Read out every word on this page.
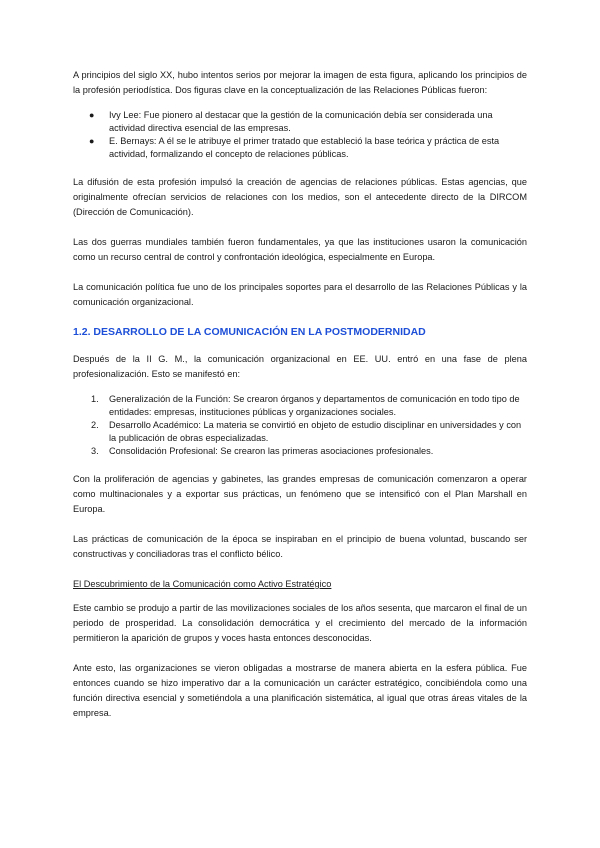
A principios del siglo XX, hubo intentos serios por mejorar la imagen de esta figura, aplicando los principios de la profesión periodística. Dos figuras clave en la conceptualización de las Relaciones Públicas fueron:

●	Ivy Lee: Fue pionero al destacar que la gestión de la comunicación debía ser considerada una actividad directiva esencial de las empresas.
●	E. Bernays: A él se le atribuye el primer tratado que estableció la base teórica y práctica de esta actividad, formalizando el concepto de relaciones públicas.

La difusión de esta profesión impulsó la creación de agencias de relaciones públicas. Estas agencias, que originalmente ofrecían servicios de relaciones con los medios, son el antecedente directo de la DIRCOM (Dirección de Comunicación).

Las dos guerras mundiales también fueron fundamentales, ya que las instituciones usaron la comunicación como un recurso central de control y confrontación ideológica, especialmente en Europa.

La comunicación política fue uno de los principales soportes para el desarrollo de las Relaciones Públicas y la comunicación organizacional.

1.2. DESARROLLO DE LA COMUNICACIÓN EN LA POSTMODERNIDAD

Después de la II G. M., la comunicación organizacional en EE. UU. entró en una fase de plena profesionalización. Esto se manifestó en:

1. Generalización de la Función: Se crearon órganos y departamentos de comunicación en todo tipo de entidades: empresas, instituciones públicas y organizaciones sociales.
2. Desarrollo Académico: La materia se convirtió en objeto de estudio disciplinar en universidades y con la publicación de obras especializadas.
3. Consolidación Profesional: Se crearon las primeras asociaciones profesionales.

Con la proliferación de agencias y gabinetes, las grandes empresas de comunicación comenzaron a operar como multinacionales y a exportar sus prácticas, un fenómeno que se intensificó con el Plan Marshall en Europa.

Las prácticas de comunicación de la época se inspiraban en el principio de buena voluntad, buscando ser constructivas y conciliadoras tras el conflicto bélico.

El Descubrimiento de la Comunicación como Activo Estratégico

Este cambio se produjo a partir de las movilizaciones sociales de los años sesenta, que marcaron el final de un periodo de prosperidad. La consolidación democrática y el crecimiento del mercado de la información permitieron la aparición de grupos y voces hasta entonces desconocidas.

Ante esto, las organizaciones se vieron obligadas a mostrarse de manera abierta en la esfera pública. Fue entonces cuando se hizo imperativo dar a la comunicación un carácter estratégico, concibiéndola como una función directiva esencial y sometiéndola a una planificación sistemática, al igual que otras áreas vitales de la empresa.
